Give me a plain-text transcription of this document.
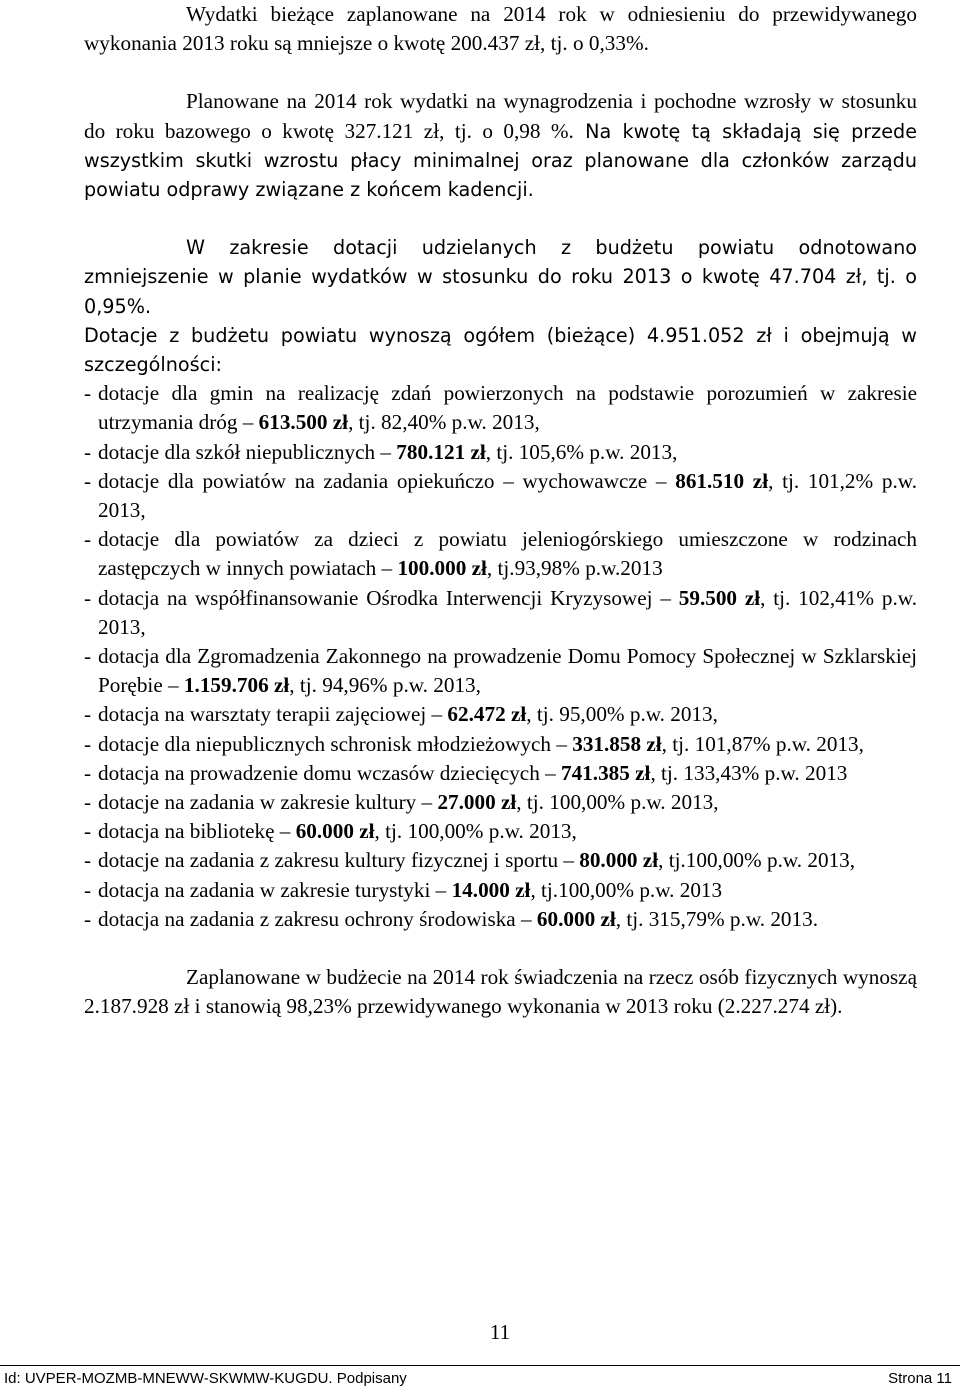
Wydatki bieżące zaplanowane na 2014 rok w odniesieniu do przewidywanego wykonania 2013 roku są mniejsze o kwotę 200.437 zł, tj. o 0,33%.

Planowane na 2014 rok wydatki na wynagrodzenia i pochodne wzrosły w stosunku do roku bazowego o kwotę 327.121 zł, tj. o 0,98 %. Na kwotę tą składają się przede wszystkim skutki wzrostu płacy minimalnej oraz planowane dla członków zarządu powiatu odprawy związane z końcem kadencji.

W zakresie dotacji udzielanych z budżetu powiatu odnotowano zmniejszenie w planie wydatków w stosunku do roku 2013 o kwotę 47.704 zł, tj. o 0,95%.

Dotacje z budżetu powiatu wynoszą ogółem (bieżące) 4.951.052 zł i obejmują w szczególności:

- dotacje dla gmin na realizację zdań powierzonych na podstawie porozumień w zakresie utrzymania dróg – 613.500 zł, tj. 82,40% p.w. 2013,
- dotacje dla szkół niepublicznych – 780.121 zł, tj. 105,6% p.w. 2013,
- dotacje dla powiatów na zadania opiekuńczo – wychowawcze – 861.510 zł, tj. 101,2% p.w. 2013,
- dotacje dla powiatów za dzieci z powiatu jeleniogórskiego umieszczone w rodzinach zastępczych w innych powiatach – 100.000 zł, tj.93,98% p.w.2013
- dotacja na współfinansowanie Ośrodka Interwencji Kryzysowej – 59.500 zł, tj. 102,41% p.w. 2013,
- dotacja dla Zgromadzenia Zakonnego na prowadzenie Domu Pomocy Społecznej w Szklarskiej Porębie – 1.159.706 zł, tj. 94,96% p.w. 2013,
- dotacja na warsztaty terapii zajęciowej – 62.472 zł, tj. 95,00% p.w. 2013,
- dotacje dla niepublicznych schronisk młodzieżowych – 331.858 zł, tj. 101,87% p.w. 2013,
- dotacja na prowadzenie domu wczasów dziecięcych – 741.385 zł, tj. 133,43% p.w. 2013
- dotacje na zadania w zakresie kultury – 27.000 zł, tj. 100,00% p.w. 2013,
- dotacja na bibliotekę – 60.000 zł, tj. 100,00% p.w. 2013,
- dotacje na zadania z zakresu kultury fizycznej i sportu – 80.000 zł, tj.100,00% p.w. 2013,
- dotacja na zadania w zakresie turystyki – 14.000 zł, tj.100,00% p.w. 2013
- dotacja na zadania z zakresu ochrony środowiska – 60.000 zł, tj. 315,79% p.w. 2013.

Zaplanowane w budżecie na 2014 rok świadczenia na rzecz osób fizycznych wynoszą 2.187.928 zł i stanowią 98,23% przewidywanego wykonania w 2013 roku (2.227.274 zł).

11
Id: UVPER-MOZMB-MNEWW-SKWMW-KUGDU. Podpisany	Strona 11
